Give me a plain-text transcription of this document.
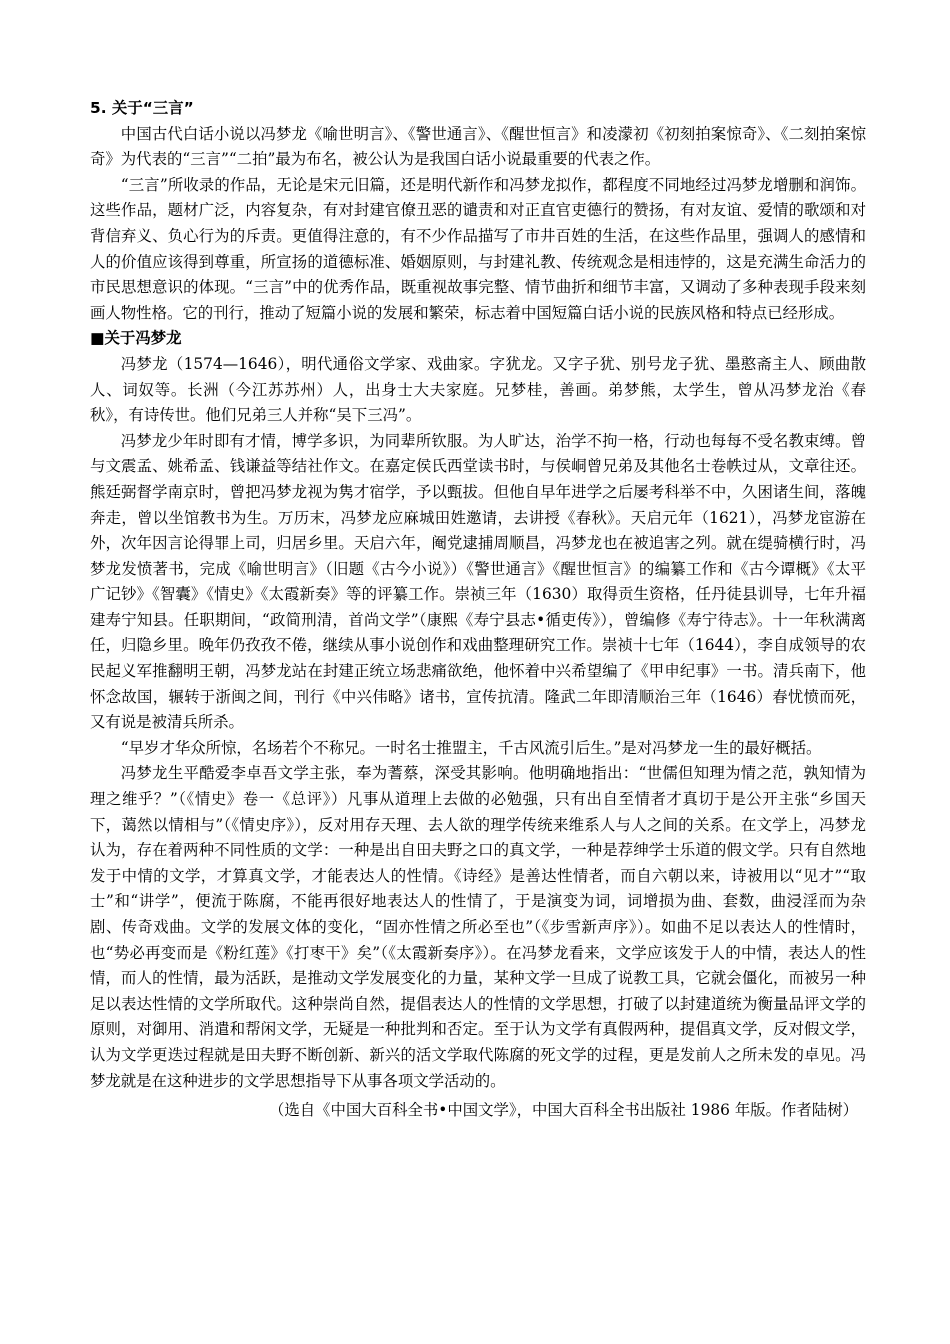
5. 关于“三言”

中国古代白话小说以冯梦龙《喻世明言》、《警世通言》、《醒世恒言》和凌濛初《初刻拍案惊奇》、《二刻拍案惊奇》为代表的“三言”“二拍”最为布名，被公认为是我国白话小说最重要的代表之作。

“三言”所收录的作品，无论是宋元旧篇，还是明代新作和冯梦龙拟作，都程度不同地经过冯梦龙增删和润饰。这些作品，题材广泛，内容复杂，有对封建官僚丑恶的谴责和对正直官吏德行的赞扬，有对友谊、爱情的歌颂和对背信弃义、负心行为的斥责。更值得注意的，有不少作品描写了市井百姓的生活，在这些作品里，强调人的感情和人的价值应该得到尊重，所宣扬的道德标准、婚姻原则，与封建礼教、传统观念是相违悖的，这是充满生命活力的市民思想意识的体现。“三言”中的优秀作品，既重视故事完整、情节曲折和细节丰富，又调动了多种表现手段来刻画人物性格。它的刊行，推动了短篇小说的发展和繁荣，标志着中国短篇白话小说的民族风格和特点已经形成。

■关于冯梦龙

冯梦龙（1574—1646），明代通俗文学家、戏曲家。字犹龙。又字子犹、别号龙子犹、墨憨斋主人、顾曲散人、词奴等。长洲（今江苏苏州）人，出身士大夫家庭。兄梦桂，善画。弟梦熊，太学生，曾从冯梦龙治《春秋》，有诗传世。他们兄弟三人并称“吴下三冯”。

冯梦龙少年时即有才情，博学多识，为同辈所钦服。为人旷达，治学不拘一格，行动也每每不受名教束缚。曾与文震孟、姚希孟、钱谦益等结社作文。在嘉定侯氏西堂读书时，与侯峒曾兄弟及其他名士卷帙过从，文章往还。熊廷弼督学南京时，曾把冯梦龙视为隽才宿学，予以甄拔。但他自早年进学之后屡考科举不中，久困诸生间，落魄奔走，曾以坐馆教书为生。万历末，冯梦龙应麻城田姓邀请，去讲授《春秋》。天启元年（1621），冯梦龙宦游在外，次年因言论得罪上司，归居乡里。天启六年，阉党逮捕周顺昌，冯梦龙也在被追害之列。就在缇骑横行时，冯梦龙发愤著书，完成《喻世明言》（旧题《古今小说》）《警世通言》《醒世恒言》的编纂工作和《古今谭概》《太平广记钞》《智囊》《情史》《太霞新奏》等的评纂工作。崇祯三年（1630）取得贡生资格，任丹徒县训导，七年升福建寿宁知县。任职期间，“政简刑清，首尚文学”（康熙《寿宁县志•循吏传》），曾编修《寿宁待志》。十一年秋满离任，归隐乡里。晚年仍孜孜不倦，继续从事小说创作和戏曲整理研究工作。崇祯十七年（1644），李自成领导的农民起义军推翻明王朝，冯梦龙站在封建正统立场悲痛欲绝，他怀着中兴希望编了《甲申纪事》一书。清兵南下，他怀念故国，辗转于浙闽之间，刊行《中兴伟略》诸书，宣传抗清。隆武二年即清顺治三年（1646）春忧愤而死，又有说是被清兵所杀。

“早岁才华众所惊，名场若个不称兄。一时名士推盟主，千古风流引后生。”是对冯梦龙一生的最好概括。

冯梦龙生平酷爱李卓吾文学主张，奉为蓍蔡，深受其影响。他明确地指出：“世儒但知理为情之范，孰知情为理之维乎？”（《情史》卷一《总评》）凡事从道理上去做的必勉强，只有出自至情者才真切于是公开主张“乡国天下，蔼然以情相与”（《情史序》），反对用存天理、去人欲的理学传统来维系人与人之间的关系。在文学上，冯梦龙认为，存在着两种不同性质的文学：一种是出自田夫野之口的真文学，一种是荐绅学士乐道的假文学。只有自然地发于中情的文学，才算真文学，才能表达人的性情。《诗经》是善达性情者，而自六朝以来，诗被用以“见才”“取士”和“讲学”，便流于陈腐，不能再很好地表达人的性情了，于是演变为词，词增损为曲、套数，曲浸淫而为杂剧、传奇戏曲。文学的发展文体的变化，“固亦性情之所必至也”（《步雪新声序》）。如曲不足以表达人的性情时，也“势必再变而是《粉红莲》《打枣干》矣”（《太霞新奏序》）。在冯梦龙看来，文学应该发于人的中情，表达人的性情，而人的性情，最为活跃，是推动文学发展变化的力量，某种文学一旦成了说教工具，它就会僵化，而被另一种足以表达性情的文学所取代。这种崇尚自然，提倡表达人的性情的文学思想，打破了以封建道统为衡量品评文学的原则，对御用、消遣和帮闲文学，无疑是一种批判和否定。至于认为文学有真假两种，提倡真文学，反对假文学，认为文学更迭过程就是田夫野不断创新、新兴的活文学取代陈腐的死文学的过程，更是发前人之所未发的卓见。冯梦龙就是在这种进步的文学思想指导下从事各项文学活动的。

（选自《中国大百科全书•中国文学》，中国大百科全书出版社 1986 年版。作者陆树）
